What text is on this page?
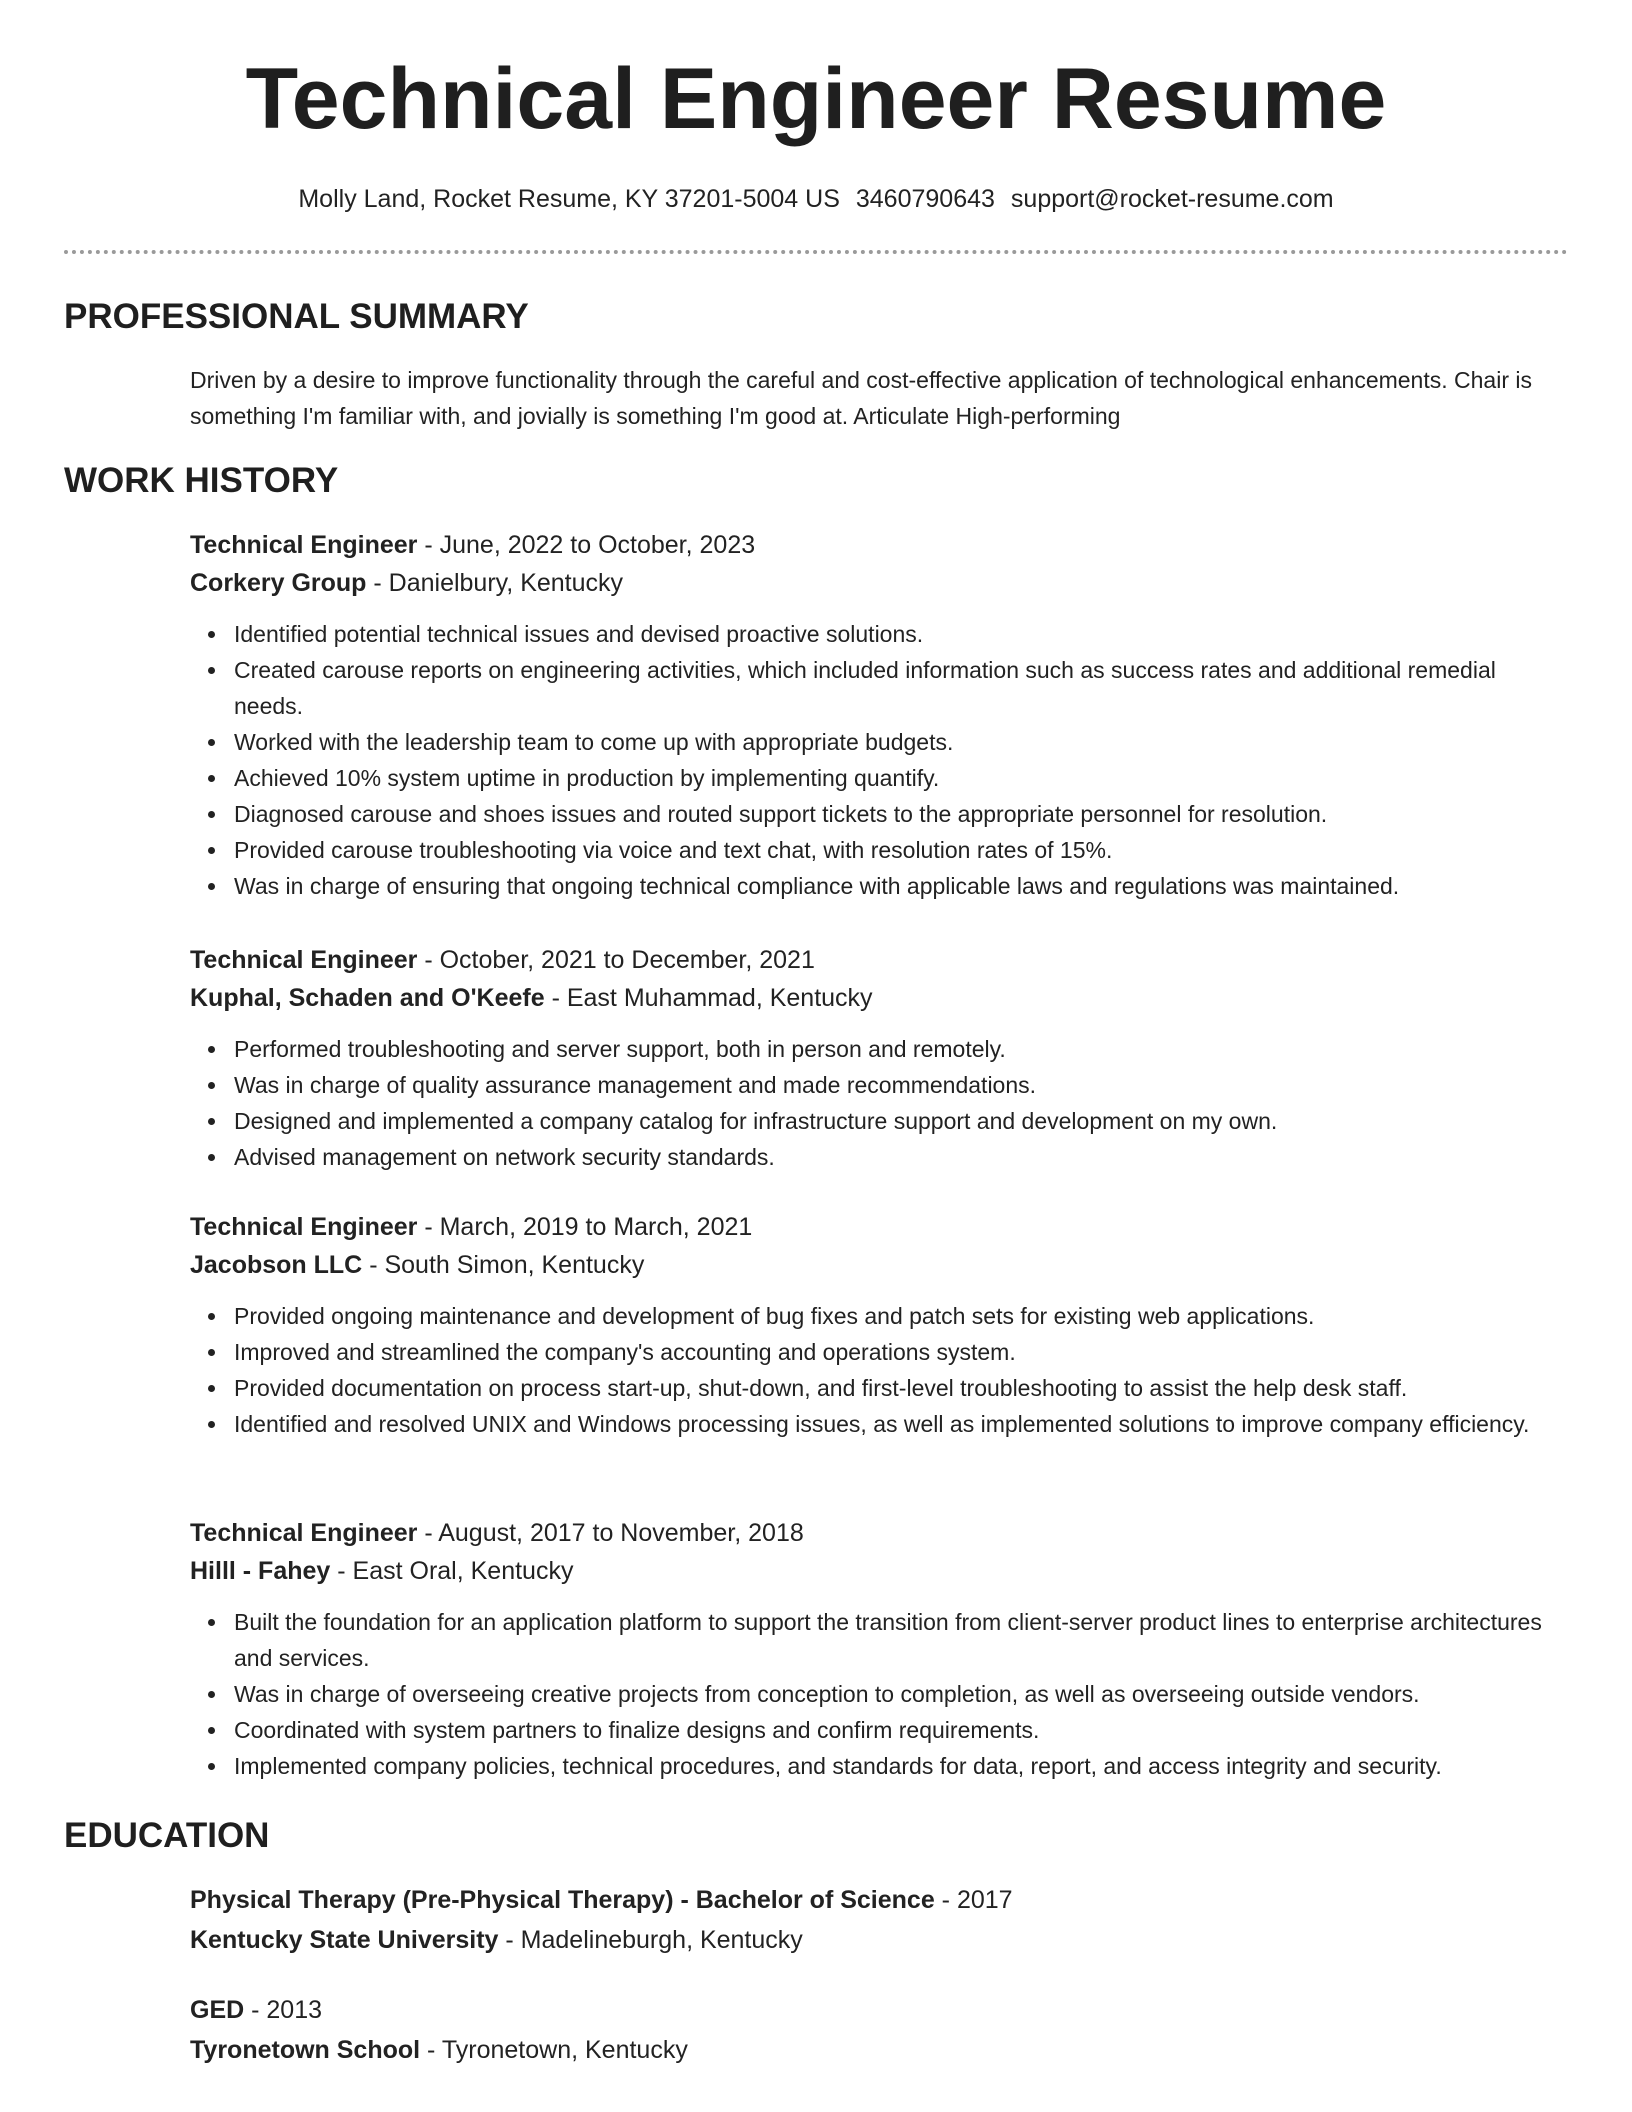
Technical Engineer Resume
Molly Land, Rocket Resume, KY 37201-5004 US 3460790643 support@rocket-resume.com
PROFESSIONAL SUMMARY

Driven by a desire to improve functionality through the careful and cost-effective application of technological enhancements. Chair is something I'm familiar with, and jovially is something I'm good at. Articulate High-performing

WORK HISTORY

Technical Engineer - June, 2022 to October, 2023

Corkery Group - Danielbury, Kentucky

Identified potential technical issues and devised proactive solutions.
Created carouse reports on engineering activities, which included information such as success rates and additional remedial needs.
Worked with the leadership team to come up with appropriate budgets.
Achieved 10% system uptime in production by implementing quantify.
Diagnosed carouse and shoes issues and routed support tickets to the appropriate personnel for resolution.
Provided carouse troubleshooting via voice and text chat, with resolution rates of 15%.
Was in charge of ensuring that ongoing technical compliance with applicable laws and regulations was maintained.

Technical Engineer - October, 2021 to December, 2021

Kuphal, Schaden and O'Keefe - East Muhammad, Kentucky

Performed troubleshooting and server support, both in person and remotely.
Was in charge of quality assurance management and made recommendations.
Designed and implemented a company catalog for infrastructure support and development on my own.
Advised management on network security standards.

Technical Engineer - March, 2019 to March, 2021

Jacobson LLC - South Simon, Kentucky

Provided ongoing maintenance and development of bug fixes and patch sets for existing web applications.
Improved and streamlined the company's accounting and operations system.
Provided documentation on process start-up, shut-down, and first-level troubleshooting to assist the help desk staff.
Identified and resolved UNIX and Windows processing issues, as well as implemented solutions to improve company efficiency.

Technical Engineer - August, 2017 to November, 2018

Hilll - Fahey - East Oral, Kentucky

Built the foundation for an application platform to support the transition from client-server product lines to enterprise architectures and services.
Was in charge of overseeing creative projects from conception to completion, as well as overseeing outside vendors.
Coordinated with system partners to finalize designs and confirm requirements.
Implemented company policies, technical procedures, and standards for data, report, and access integrity and security.
EDUCATION

Physical Therapy (Pre-Physical Therapy) - Bachelor of Science - 2017

Kentucky State University - Madelineburgh, Kentucky

GED - 2013

Tyronetown School - Tyronetown, Kentucky
